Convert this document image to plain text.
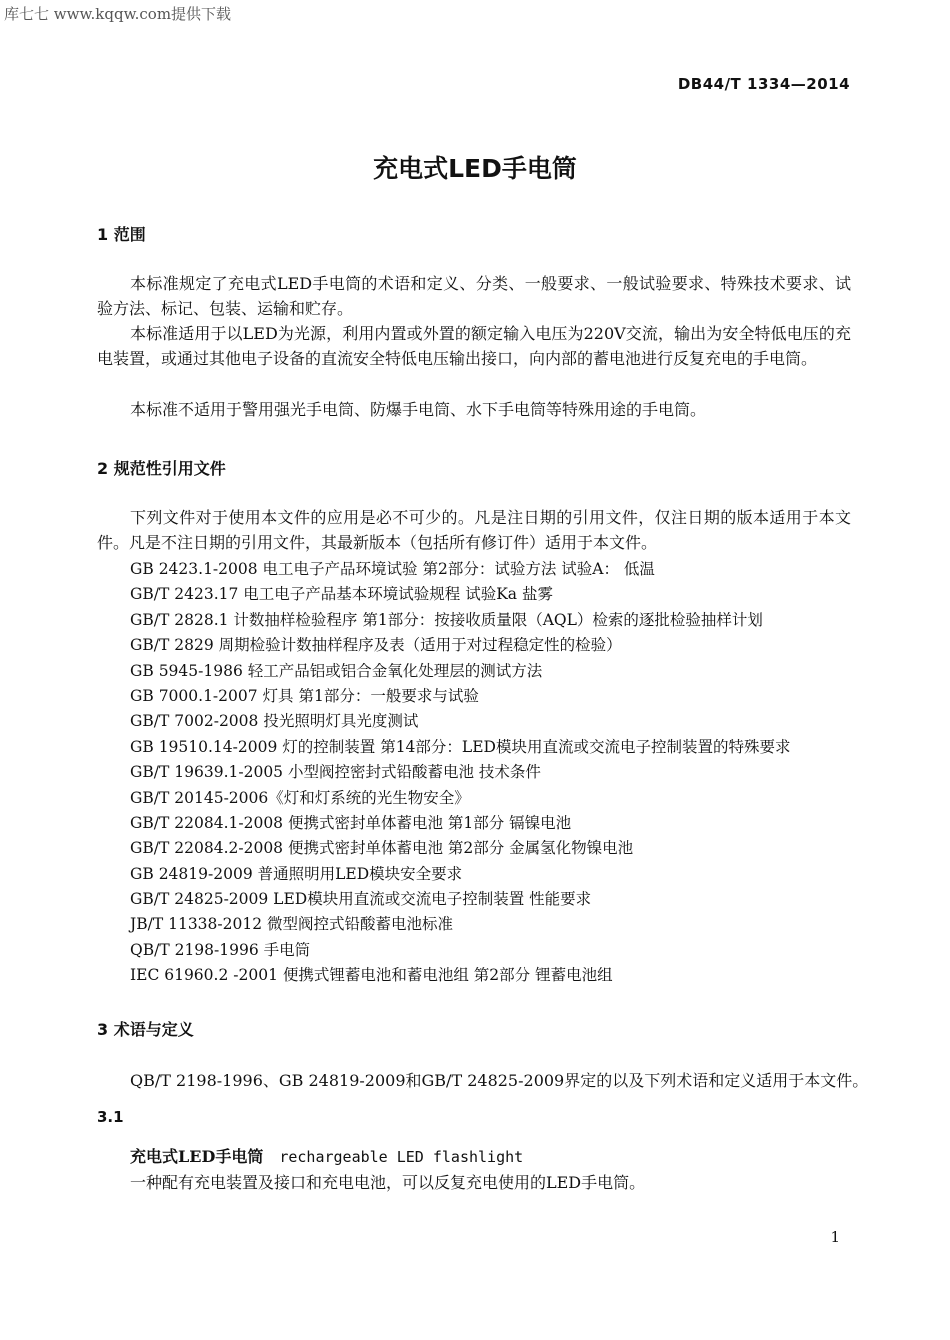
库七七 www.kqqw.com提供下载
DB44/T 1334—2014
充电式LED手电筒
1 范围
本标准规定了充电式LED手电筒的术语和定义、分类、一般要求、一般试验要求、特殊技术要求、试验方法、标记、包装、运输和贮存。
本标准适用于以LED为光源，利用内置或外置的额定输入电压为220V交流，输出为安全特低电压的充电装置，或通过其他电子设备的直流安全特低电压输出接口，向内部的蓄电池进行反复充电的手电筒。
本标准不适用于警用强光手电筒、防爆手电筒、水下手电筒等特殊用途的手电筒。
2 规范性引用文件
下列文件对于使用本文件的应用是必不可少的。凡是注日期的引用文件，仅注日期的版本适用于本文件。凡是不注日期的引用文件，其最新版本（包括所有修订件）适用于本文件。
GB 2423.1-2008 电工电子产品环境试验 第2部分：试验方法 试验A： 低温
GB/T 2423.17 电工电子产品基本环境试验规程 试验Ka 盐雾
GB/T 2828.1 计数抽样检验程序 第1部分：按接收质量限（AQL）检索的逐批检验抽样计划
GB/T 2829 周期检验计数抽样程序及表（适用于对过程稳定性的检验）
GB 5945-1986 轻工产品铝或铝合金氧化处理层的测试方法
GB 7000.1-2007 灯具 第1部分：一般要求与试验
GB/T 7002-2008 投光照明灯具光度测试
GB 19510.14-2009 灯的控制装置 第14部分：LED模块用直流或交流电子控制装置的特殊要求
GB/T 19639.1-2005 小型阀控密封式铅酸蓄电池 技术条件
GB/T 20145-2006《灯和灯系统的光生物安全》
GB/T 22084.1-2008 便携式密封单体蓄电池 第1部分 镉镍电池
GB/T 22084.2-2008 便携式密封单体蓄电池 第2部分 金属氢化物镍电池
GB 24819-2009 普通照明用LED模块安全要求
GB/T 24825-2009 LED模块用直流或交流电子控制装置 性能要求
JB/T 11338-2012 微型阀控式铅酸蓄电池标准
QB/T 2198-1996 手电筒
IEC 61960.2 -2001 便携式锂蓄电池和蓄电池组 第2部分 锂蓄电池组
3 术语与定义
QB/T 2198-1996、GB 24819-2009和GB/T 24825-2009界定的以及下列术语和定义适用于本文件。
3.1
充电式LED手电筒 rechargeable LED flashlight
一种配有充电装置及接口和充电电池，可以反复充电使用的LED手电筒。
1
